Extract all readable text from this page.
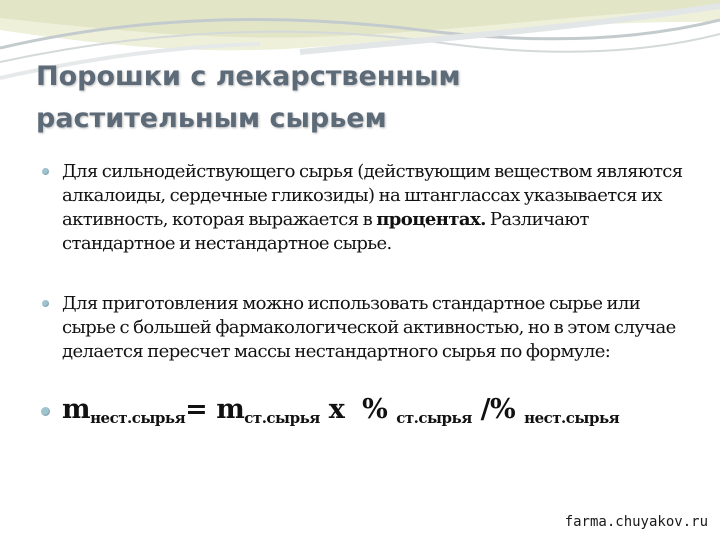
Порошки с лекарственным
растительным сырьем
Для сильнодействующего сырья (действующим веществом являются алкалоиды, сердечные гликозиды) на штанглассах указывается их активность, которая выражается в процентах. Различают стандартное и нестандартное сырье.
Для приготовления можно использовать стандартное сырье или сырье с большей фармакологической активностью, но в этом случае делается пересчет массы нестандартного сырья по формуле:
$m_{нест.сырья}= m_{ст.сырья}$ x  % $_{ст.сырья}$ /% $_{нест.сырья}$
farma.chuyakov.ru
